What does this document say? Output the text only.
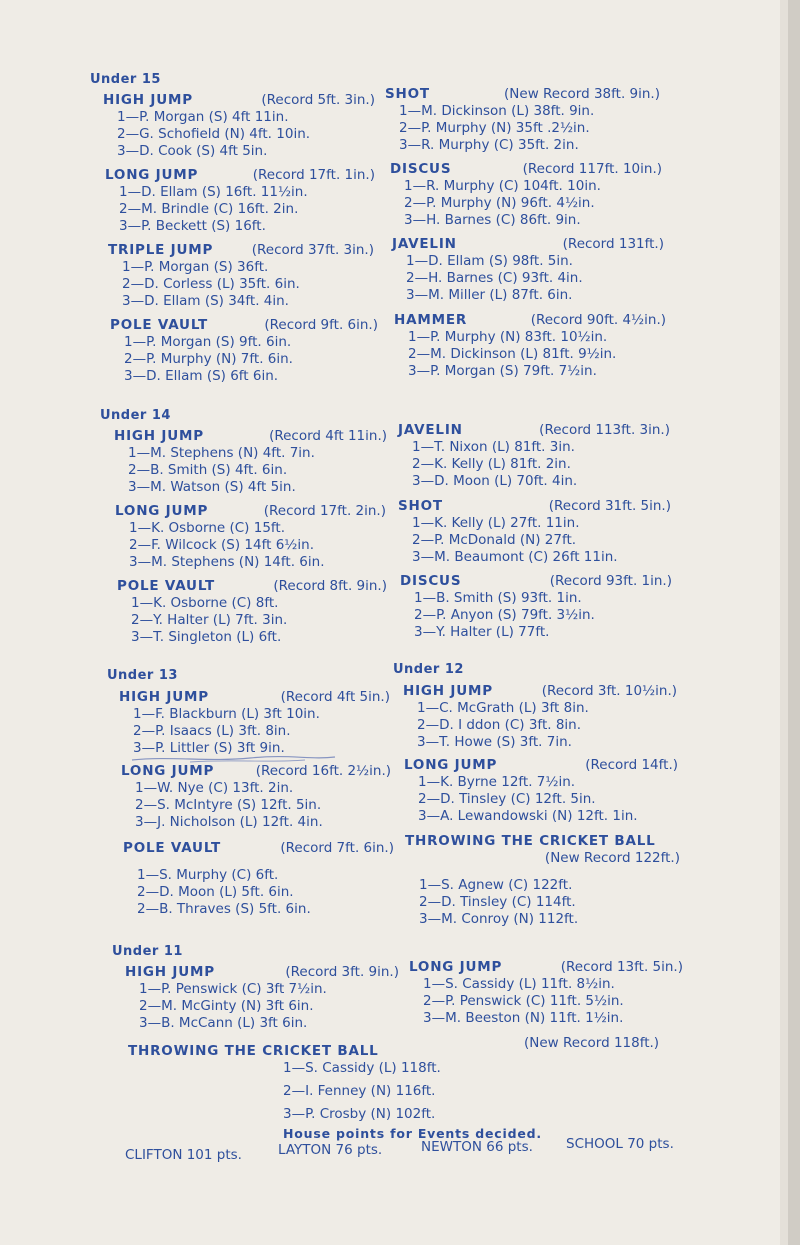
Under 15
Under 14
Under 13	Under 12
Under 11
HIGH JUMP	(Record 5ft. 3in.)
1—P. Morgan (S) 4ft 11in.
2—G. Schofield (N) 4ft. 10in.
3—D. Cook (S) 4ft 5in.
SHOT	(New Record 38ft. 9in.)
1—M. Dickinson (L) 38ft. 9in.
2—P. Murphy (N) 35ft .2½in.
3—R. Murphy (C) 35ft. 2in.
LONG JUMP	(Record 17ft. 1in.)
1—D. Ellam (S) 16ft. 11½in.
2—M. Brindle (C) 16ft. 2in.
3—P. Beckett (S) 16ft.
DISCUS	(Record 117ft. 10in.)
1—R. Murphy (C) 104ft. 10in.
2—P. Murphy (N) 96ft. 4½in.
3—H. Barnes (C) 86ft. 9in.
TRIPLE JUMP	(Record 37ft. 3in.)
1—P. Morgan (S) 36ft.
2—D. Corless (L) 35ft. 6in.
3—D. Ellam (S) 34ft. 4in.
JAVELIN	(Record 131ft.)
1—D. Ellam (S) 98ft. 5in.
2—H. Barnes (C) 93ft. 4in.
3—M. Miller (L) 87ft. 6in.
POLE VAULT	(Record 9ft. 6in.)
1—P. Morgan (S) 9ft. 6in.
2—P. Murphy (N) 7ft. 6in.
3—D. Ellam (S) 6ft 6in.
HAMMER	(Record 90ft. 4½in.)
1—P. Murphy (N) 83ft. 10½in.
2—M. Dickinson (L) 81ft. 9½in.
3—P. Morgan (S) 79ft. 7½in.
HIGH JUMP	(Record 4ft 11in.)
1—M. Stephens (N) 4ft. 7in.
2—B. Smith (S) 4ft. 6in.
3—M. Watson (S) 4ft 5in.
JAVELIN	(Record 113ft. 3in.)
1—T. Nixon (L) 81ft. 3in.
2—K. Kelly (L) 81ft. 2in.
3—D. Moon (L) 70ft. 4in.
LONG JUMP	(Record 17ft. 2in.)
1—K. Osborne (C) 15ft.
2—F. Wilcock (S) 14ft 6½in.
3—M. Stephens (N) 14ft. 6in.
SHOT	(Record 31ft. 5in.)
1—K. Kelly (L) 27ft. 11in.
2—P. McDonald (N) 27ft.
3—M. Beaumont (C) 26ft 11in.
POLE VAULT	(Record 8ft. 9in.)
1—K. Osborne (C) 8ft.
2—Y. Halter (L) 7ft. 3in.
3—T. Singleton (L) 6ft.
DISCUS	(Record 93ft. 1in.)
1—B. Smith (S) 93ft. 1in.
2—P. Anyon (S) 79ft. 3½in.
3—Y. Halter (L) 77ft.
HIGH JUMP	(Record 4ft 5in.)
1—F. Blackburn (L) 3ft 10in.
2—P. Isaacs (L) 3ft. 8in.
3—P. Littler (S) 3ft 9in.
HIGH JUMP	(Record 3ft. 10½in.)
1—C. McGrath (L) 3ft 8in.
2—D. I ddon (C) 3ft. 8in.
3—T. Howe (S) 3ft. 7in.
LONG JUMP	(Record 16ft. 2½in.)
1—W. Nye (C) 13ft. 2in.
2—S. McIntyre (S) 12ft. 5in.
3—J. Nicholson (L) 12ft. 4in.
LONG JUMP	(Record 14ft.)
1—K. Byrne 12ft. 7½in.
2—D. Tinsley (C) 12ft. 5in.
3—A. Lewandowski (N) 12ft. 1in.
POLE VAULT	(Record 7ft. 6in.)
1—S. Murphy (C) 6ft.
2—D. Moon (L) 5ft. 6in.
2—B. Thraves (S) 5ft. 6in.
THROWING THE CRICKET BALL
(New Record 122ft.)
1—S. Agnew (C) 122ft.
2—D. Tinsley (C) 114ft.
3—M. Conroy (N) 112ft.
HIGH JUMP	(Record 3ft. 9in.)
1—P. Penswick (C) 3ft 7½in.
2—M. McGinty (N) 3ft 6in.
3—B. McCann (L) 3ft 6in.
LONG JUMP	(Record 13ft. 5in.)
1—S. Cassidy (L) 11ft. 8½in.
2—P. Penswick (C) 11ft. 5½in.
3—M. Beeston (N) 11ft. 1½in.
THROWING THE CRICKET BALL	(New Record 118ft.)
1—S. Cassidy (L) 118ft.
2—I. Fenney (N) 116ft.
3—P. Crosby (N) 102ft.
House points for Events decided.
CLIFTON 101 pts.	LAYTON 76 pts.	NEWTON 66 pts. SCHOOL 70 pts.
